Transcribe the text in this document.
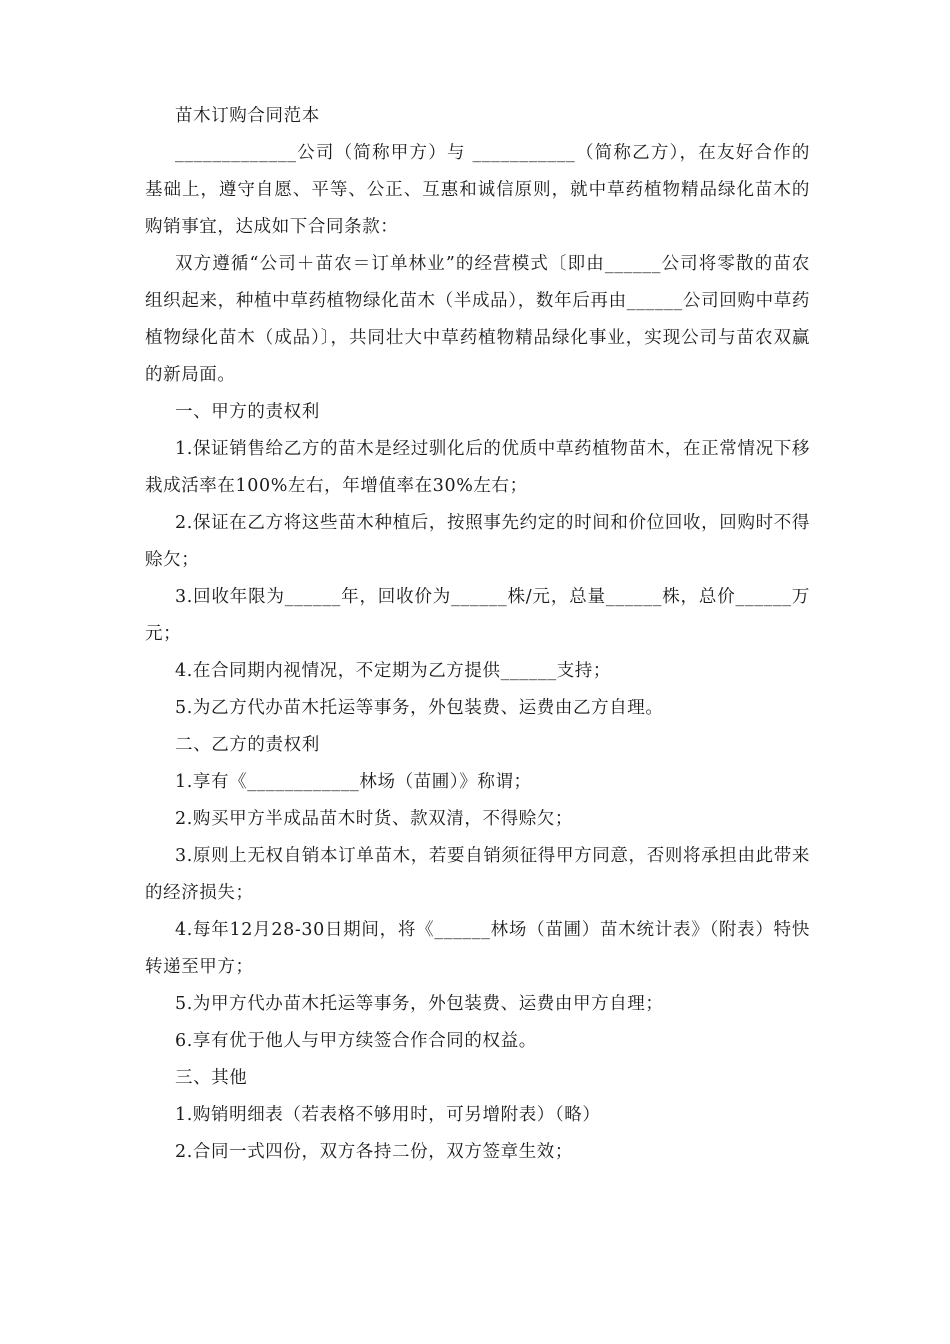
苗木订购合同范本

_____________公司（简称甲方）与 ___________（简称乙方），在友好合作的基础上，遵守自愿、平等、公正、互惠和诚信原则，就中草药植物精品绿化苗木的购销事宜，达成如下合同条款：

双方遵循“公司＋苗农＝订单林业”的经营模式〔即由______公司将零散的苗农组织起来，种植中草药植物绿化苗木（半成品），数年后再由______公司回购中草药植物绿化苗木（成品）〕，共同壮大中草药植物精品绿化事业，实现公司与苗农双赢的新局面。

一、甲方的责权利

1.保证销售给乙方的苗木是经过驯化后的优质中草药植物苗木，在正常情况下移栽成活率在100%左右，年增值率在30%左右；

2.保证在乙方将这些苗木种植后，按照事先约定的时间和价位回收，回购时不得赊欠；

3.回收年限为______年，回收价为______株/元，总量______株，总价______万元；

4.在合同期内视情况，不定期为乙方提供______支持；

5.为乙方代办苗木托运等事务，外包装费、运费由乙方自理。

二、乙方的责权利

1.享有《____________林场（苗圃）》称谓；

2.购买甲方半成品苗木时货、款双清，不得赊欠；

3.原则上无权自销本订单苗木，若要自销须征得甲方同意，否则将承担由此带来的经济损失；

4.每年12月28-30日期间，将《______林场（苗圃）苗木统计表》（附表）特快转递至甲方；

5.为甲方代办苗木托运等事务，外包装费、运费由甲方自理；

6.享有优于他人与甲方续签合作合同的权益。

三、其他

1.购销明细表（若表格不够用时，可另增附表）（略）

2.合同一式四份，双方各持二份，双方签章生效；
